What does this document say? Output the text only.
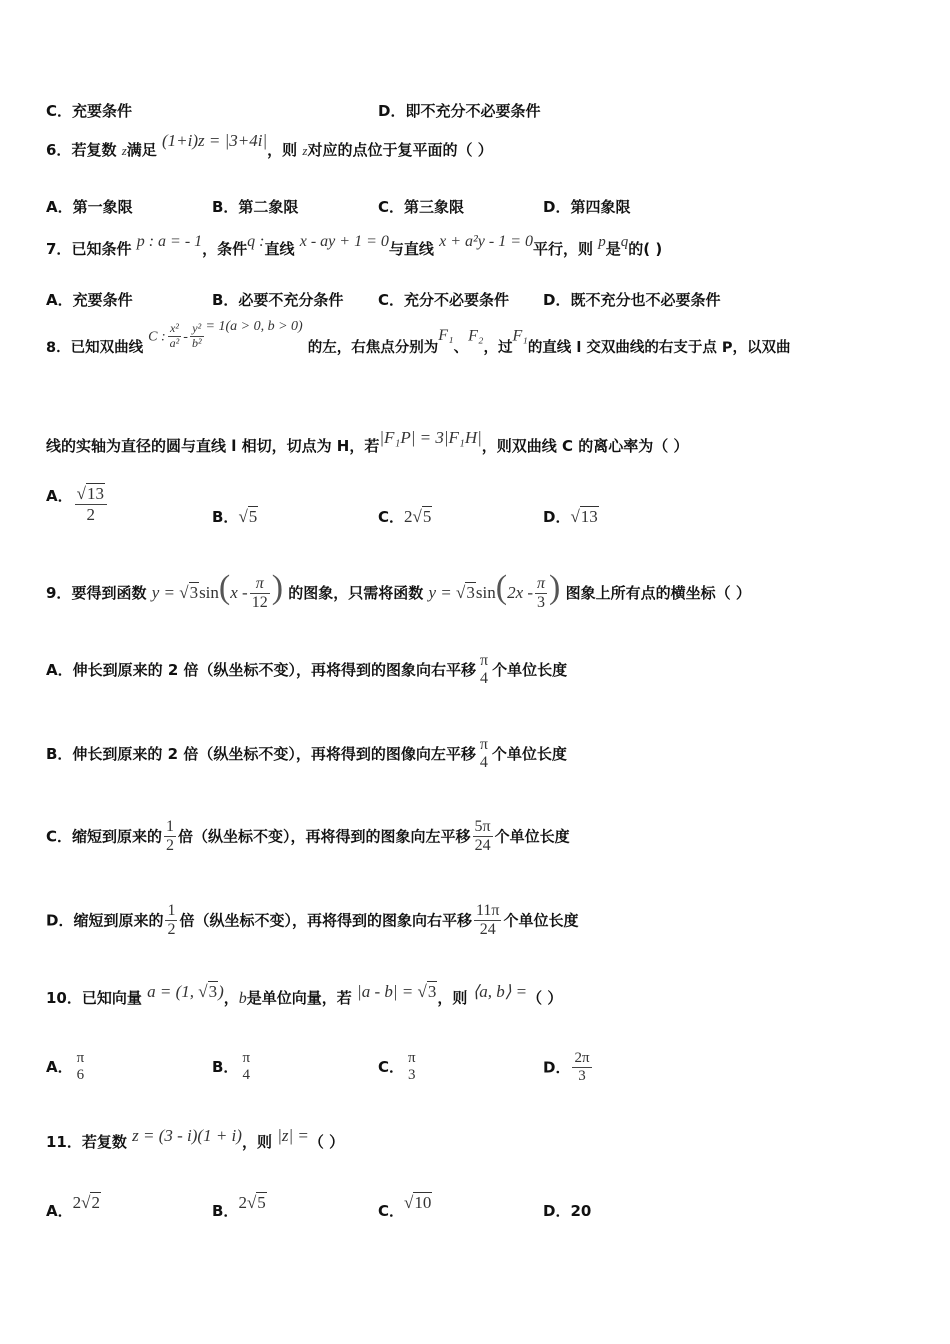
C．充要条件	D．即不充分不必要条件
6．若复数 z满足 (1+i)z = |3+4i|，则 z对应的点位于复平面的（ ）
A．第一象限	B．第二象限	C．第三象限	D．第四象限
7．已知条件 p : a = - 1，条件q :直线 x - ay + 1 = 0与直线 x + a²y - 1 = 0平行，则 p是q的( )
A．充要条件	B．必要不充分条件 C．充分不必要条件 D．既不充分也不必要条件
8．已知双曲线 C : $\frac{\text{x²}}{\text{a²}} - \frac{\text{y²}}{\text{b²}} = 1(a > 0$, b > 0) 的左，右焦点分别为F₁、F₂，过F₁的直线 l 交双曲线的右支于点 P，以双曲
线的实轴为直径的圆与直线 l 相切，切点为 H，若|F₁P| = 3|F₁H|，则双曲线 C 的离心率为（ ）
A． $\frac{√13}{2}$	B．√5	C．2√5	D．√13
9．要得到函数 $y = √3\sin(x - \frac{\pi}{12}$ ) 的图象，只需将函数 $y = √3\sin(2x - \frac{\pi}{3}$ ) 图象上所有点的横坐标（ ）
A．伸长到原来的 2 倍（纵坐标不变），再将得到的图象向右平移
π
4 个单位长度
B．伸长到原来的 2 倍（纵坐标不变），再将得到的图像向左平移
π
4 个单位长度
C．缩短到原来的 $\frac{1}{2}$ 倍（纵坐标不变），再将得到的图象向左平移 $\frac{5\pi}{24}$ 个单位长度
D．缩短到原来的 $\frac{1}{2}$ 倍（纵坐标不变），再将得到的图象向右平移 $\frac{11\pi}{24}$ 个单位长度
10．已知向量 a = (1, √3)，b是单位向量，若 |a - b| = √3，则 ⟨a, b⟩ =（ ）
A． π
6	B． π
4	C． π
3	D． $\frac{2\pi}{3}$
11．若复数 z = (3 - i)(1 + i)，则 |z| =（ ）
A．2√2	B．2√5	C．√10	D．20
